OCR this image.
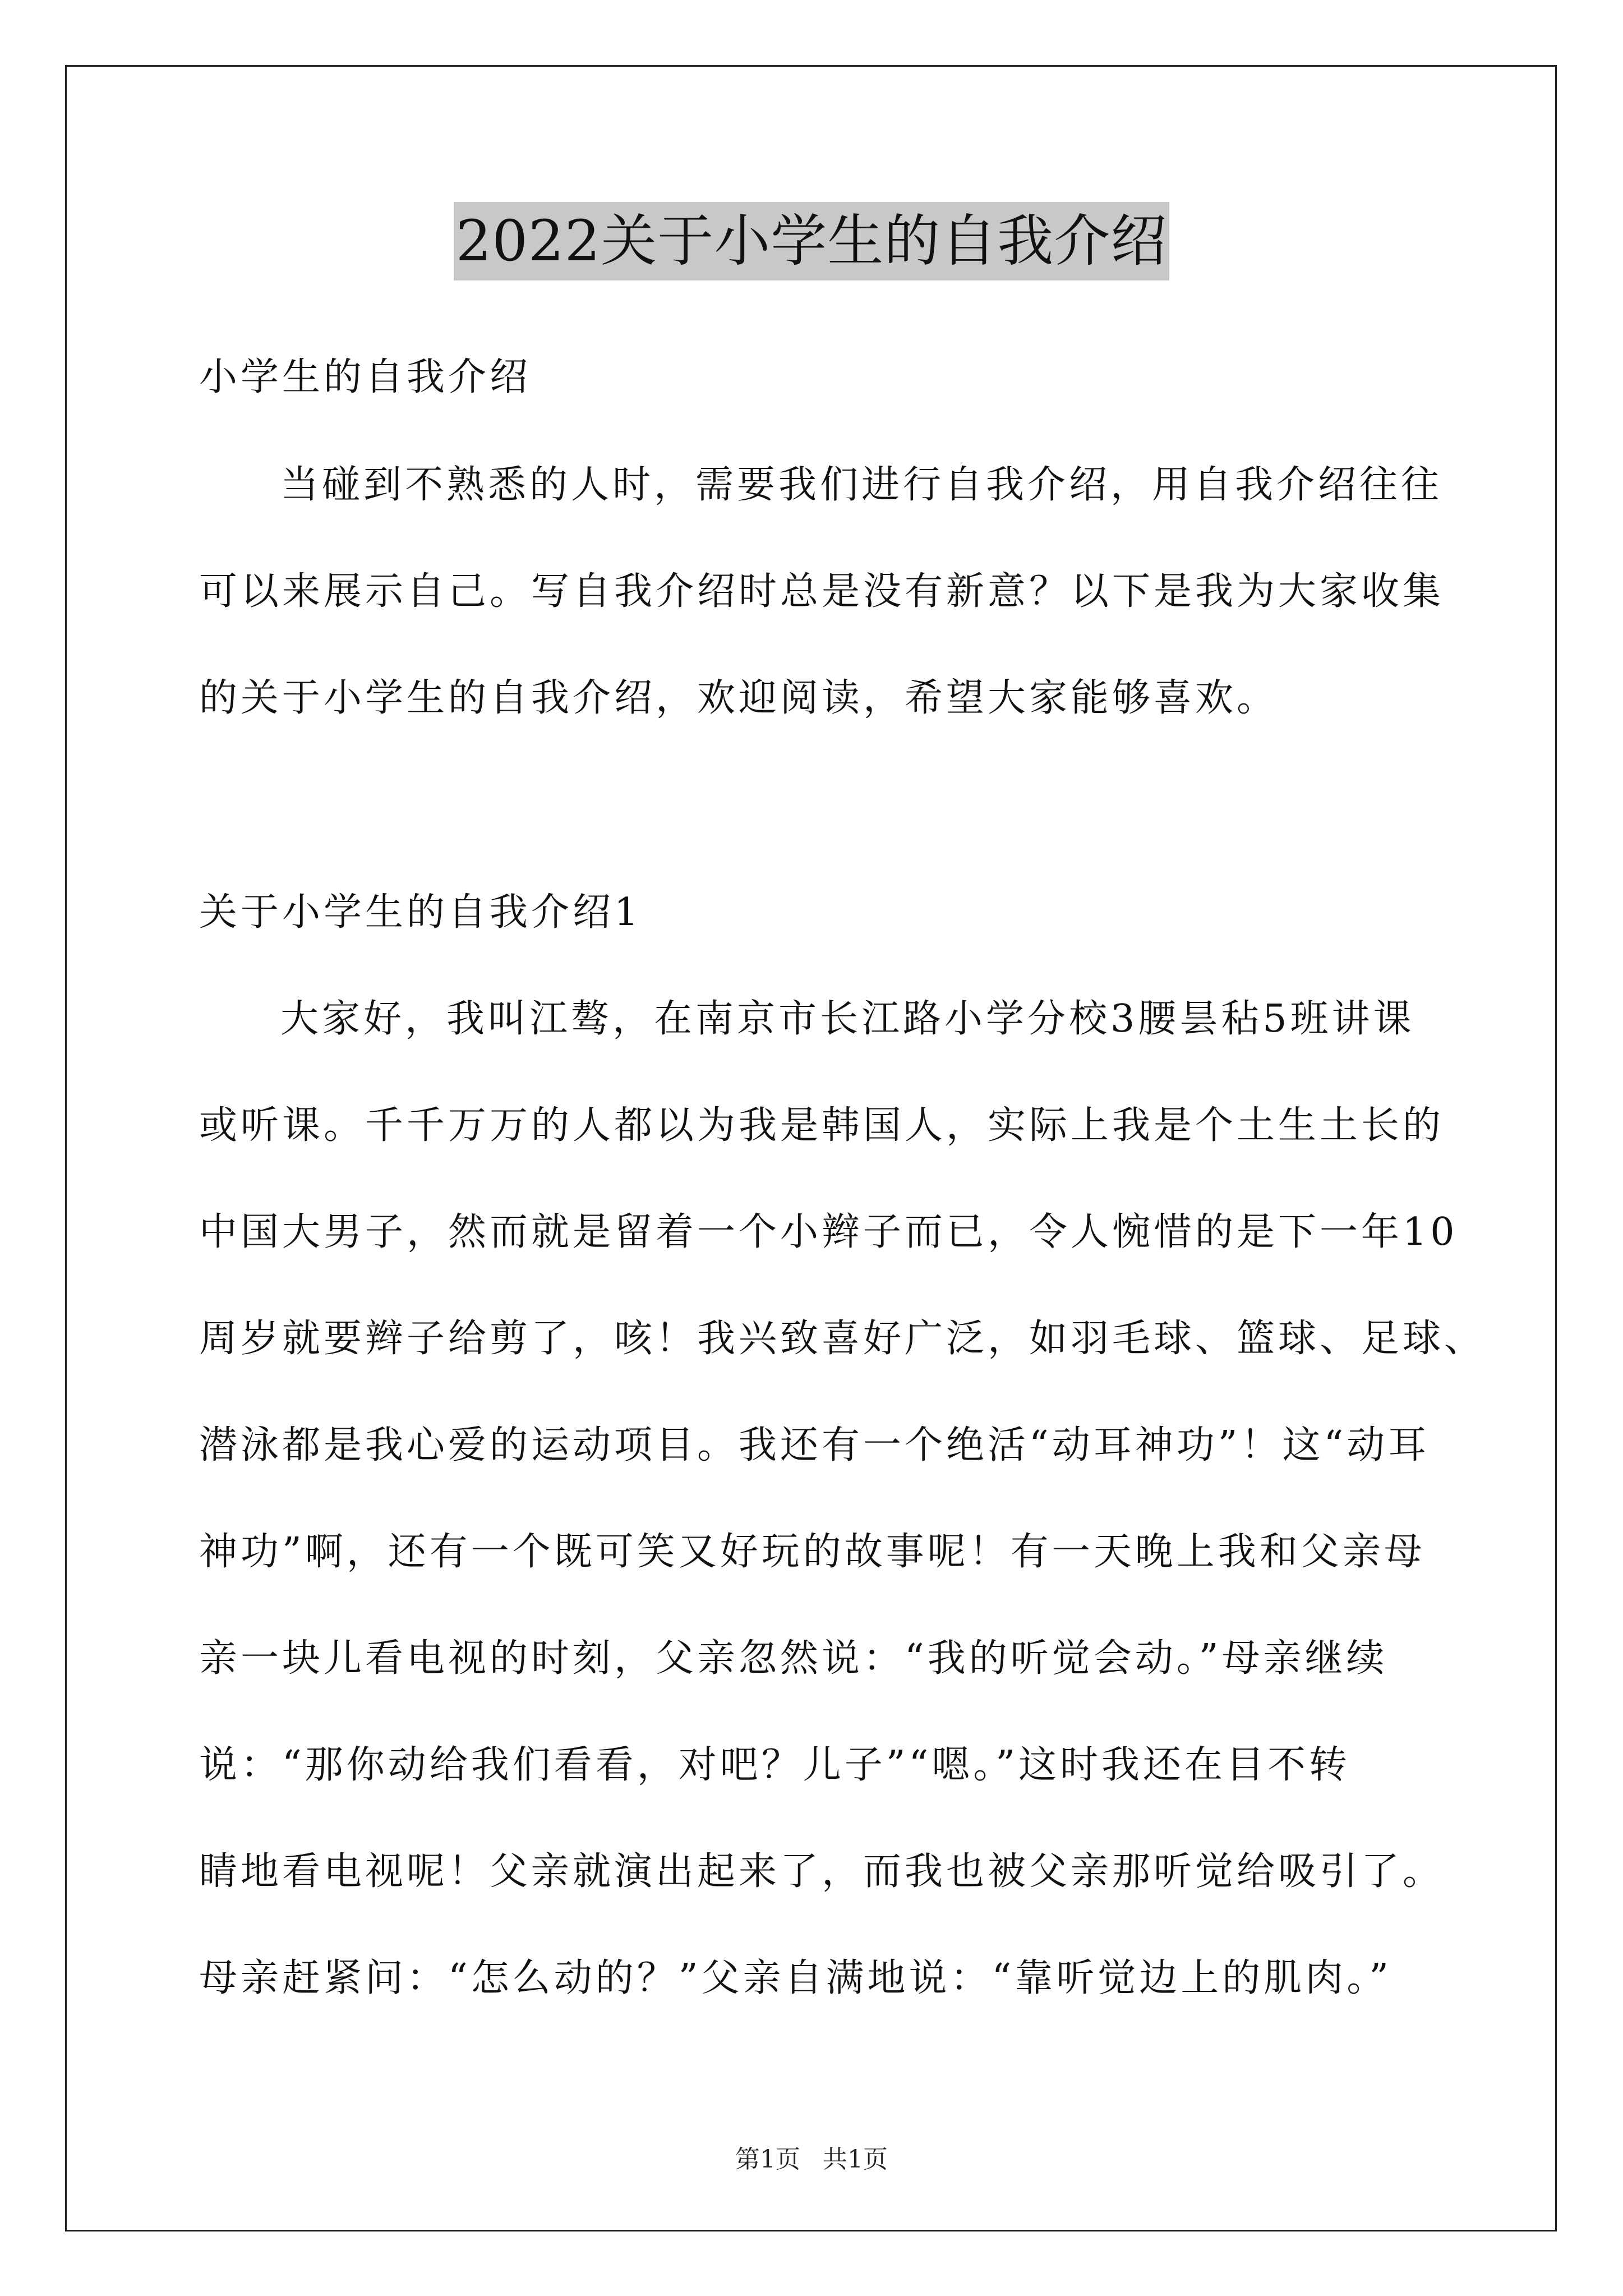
2022关于小学生的自我介绍
小学生的自我介绍
当碰到不熟悉的人时，需要我们进行自我介绍，用自我介绍往往
可以来展示自己。写自我介绍时总是没有新意？以下是我为大家收集
的关于小学生的自我介绍，欢迎阅读，希望大家能够喜欢。
关于小学生的自我介绍1
大家好，我叫江骜，在南京市长江路小学分校3腰昙秥5班讲课
或听课。千千万万的人都以为我是韩国人，实际上我是个土生土长的
中国大男子，然而就是留着一个小辫子而已，令人惋惜的是下一年10
周岁就要辫子给剪了，咳！我兴致喜好广泛，如羽毛球、篮球、足球、
潜泳都是我心爱的运动项目。我还有一个绝活“动耳神功”！这“动耳
神功”啊，还有一个既可笑又好玩的故事呢！有一天晚上我和父亲母
亲一块儿看电视的时刻，父亲忽然说：“我的听觉会动。”母亲继续
说：“那你动给我们看看，对吧？儿子”“嗯。”这时我还在目不转
睛地看电视呢！父亲就演出起来了，而我也被父亲那听觉给吸引了。
母亲赶紧问：“怎么动的？”父亲自满地说：“靠听觉边上的肌肉。”
第1页 共1页
